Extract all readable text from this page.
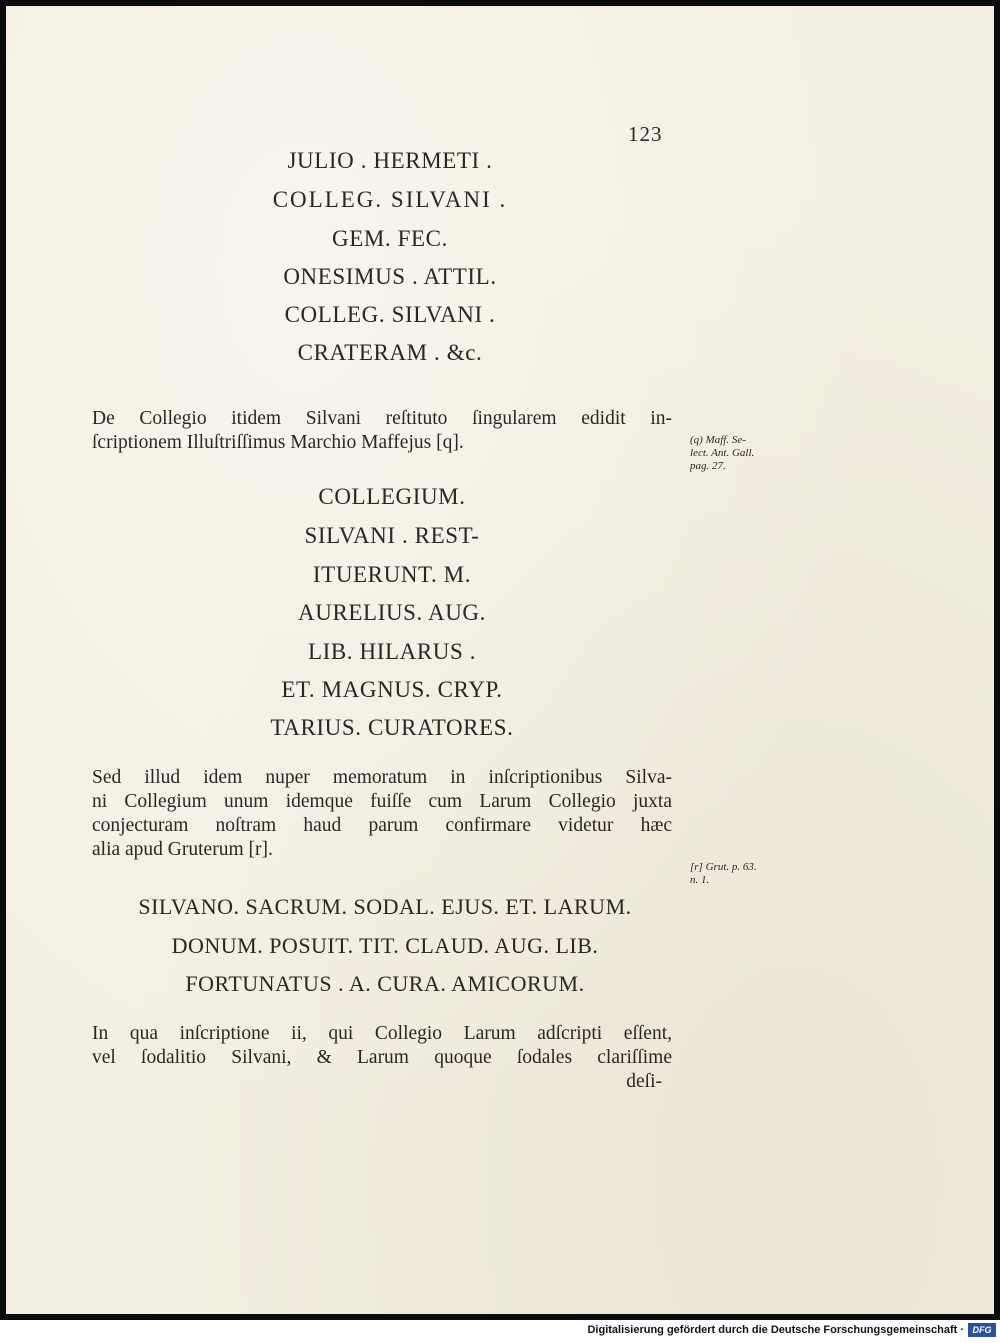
123
JULIO . HERMETI .
COLLEG. SILVANI .
GEM. FEC.
ONESIMUS . ATTIL.
COLLEG. SILVANI .
CRATERAM . &c.
De Collegio itidem Silvani reſtituto ſingularem edidit in-
ſcriptionem Illuſtriſſimus Marchio Maffejus [q].	(q) Maff. Se-
lect. Ant. Gall.
pag. 27.
COLLEGIUM.
SILVANI . REST-
ITUERUNT. M.
AURELIUS. AUG.
LIB. HILARUS .
ET. MAGNUS. CRYP.
TARIUS. CURATORES.
Sed illud idem nuper memoratum in inſcriptionibus Silva-
ni Collegium unum idemque fuiſſe cum Larum Collegio juxta
conjecturam noſtram haud parum confirmare videtur hæc
alia apud Gruterum [r].
[r] Grut. p. 63.
n. 1.
SILVANO. SACRUM. SODAL. EJUS. ET. LARUM.
DONUM. POSUIT. TIT. CLAUD. AUG. LIB.
FORTUNATUS . A. CURA. AMICORUM.
In qua inſcriptione ii, qui Collegio Larum adſcripti eſſent,
vel ſodalitio Silvani, & Larum quoque ſodales clariſſime
deſi-
Digitalisierung gefördert durch die Deutsche Forschungsgemeinschaft · DFG
